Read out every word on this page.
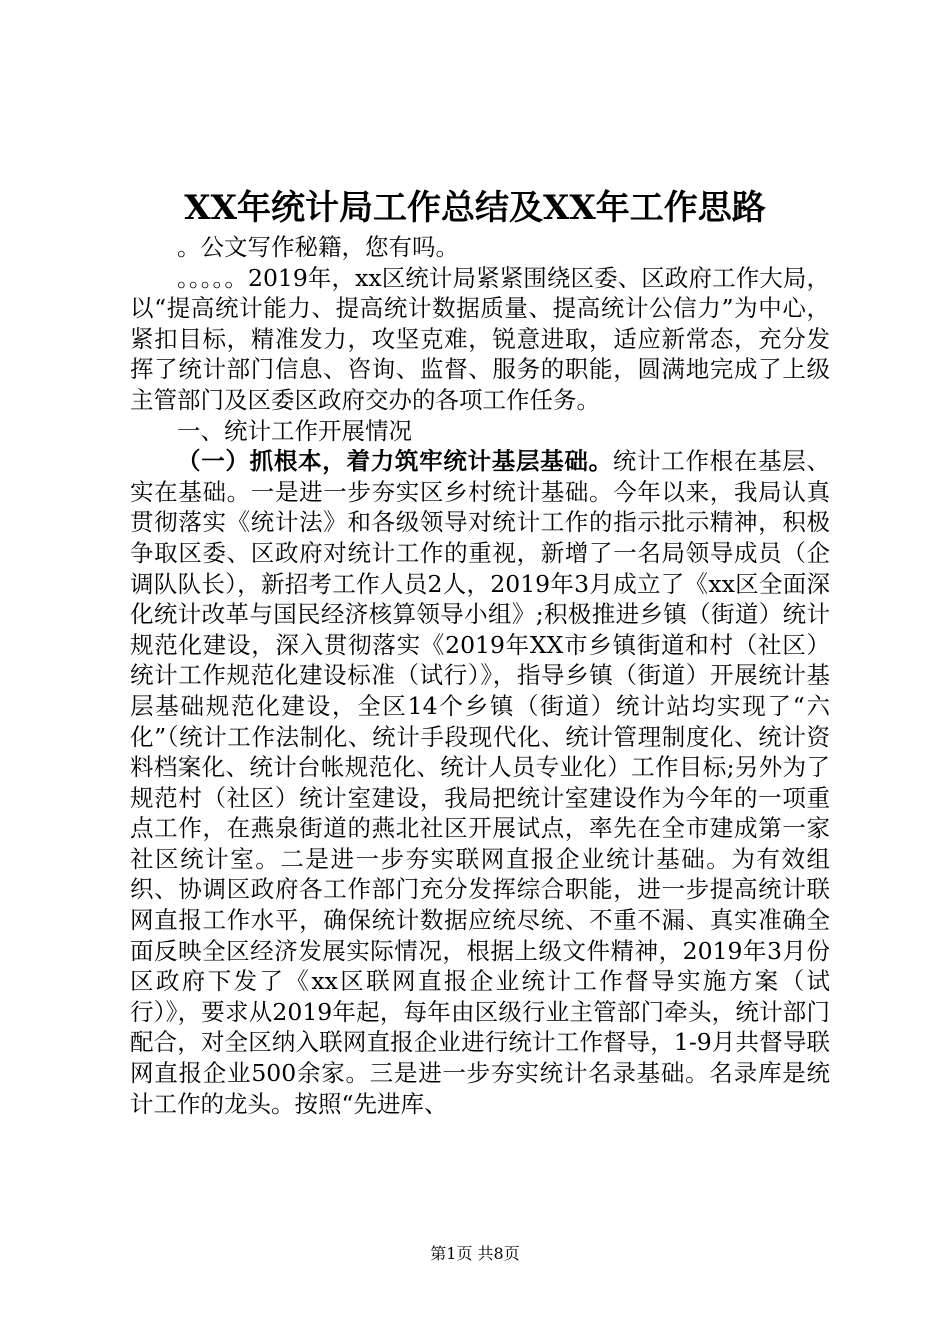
XX年统计局工作总结及XX年工作思路

。公文写作秘籍，您有吗。

。。。。。2019年，xx区统计局紧紧围绕区委、区政府工作大局，以“提高统计能力、提高统计数据质量、提高统计公信力”为中心，紧扣目标，精准发力，攻坚克难，锐意进取，适应新常态，充分发挥了统计部门信息、咨询、监督、服务的职能，圆满地完成了上级主管部门及区委区政府交办的各项工作任务。

一、统计工作开展情况

（一）抓根本，着力筑牢统计基层基础。统计工作根在基层、实在基础。一是进一步夯实区乡村统计基础。今年以来，我局认真贯彻落实《统计法》和各级领导对统计工作的指示批示精神，积极争取区委、区政府对统计工作的重视，新增了一名局领导成员（企调队队长），新招考工作人员2人，2019年3月成立了《xx区全面深化统计改革与国民经济核算领导小组》;积极推进乡镇（街道）统计规范化建设，深入贯彻落实《2019年XX市乡镇街道和村（社区）统计工作规范化建设标准（试行）》，指导乡镇（街道）开展统计基层基础规范化建设，全区14个乡镇（街道）统计站均实现了“六化”（统计工作法制化、统计手段现代化、统计管理制度化、统计资料档案化、统计台帐规范化、统计人员专业化）工作目标;另外为了规范村（社区）统计室建设，我局把统计室建设作为今年的一项重点工作，在燕泉街道的燕北社区开展试点，率先在全市建成第一家社区统计室。二是进一步夯实联网直报企业统计基础。为有效组织、协调区政府各工作部门充分发挥综合职能，进一步提高统计联网直报工作水平，确保统计数据应统尽统、不重不漏、真实准确全面反映全区经济发展实际情况，根据上级文件精神，2019年3月份区政府下发了《xx区联网直报企业统计工作督导实施方案（试行）》，要求从2019年起，每年由区级行业主管部门牵头，统计部门配合，对全区纳入联网直报企业进行统计工作督导，1-9月共督导联网直报企业500余家。三是进一步夯实统计名录基础。名录库是统计工作的龙头。按照“先进库、

第1页 共8页
